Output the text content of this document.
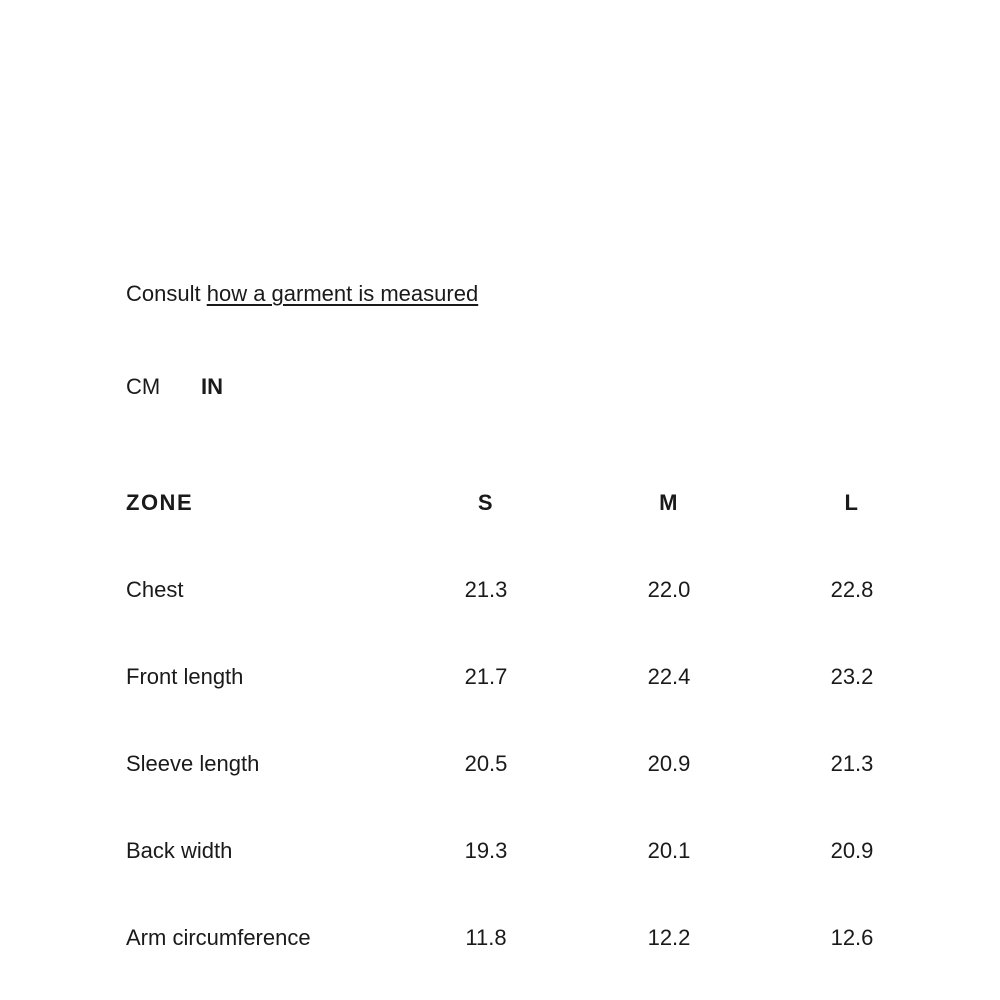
Consult how a garment is measured
CM	IN
ZONE	S	M	L
Chest	21.3	22.0	22.8
Front length	21.7	22.4	23.2
Sleeve length	20.5	20.9	21.3
Back width	19.3	20.1	20.9
Arm circumference	11.8	12.2	12.6
